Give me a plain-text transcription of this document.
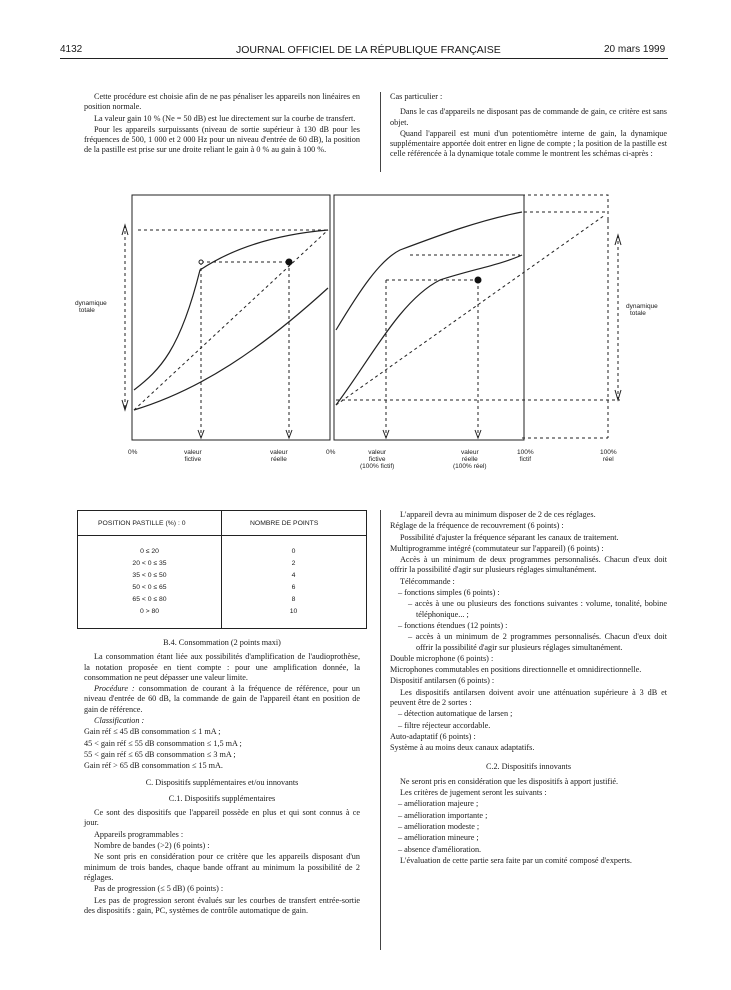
4132	JOURNAL OFFICIEL DE LA RÉPUBLIQUE FRANÇAISE	20 mars 1999

Cette procédure est choisie afin de ne pas pénaliser les appareils non linéaires en position normale.

La valeur gain 10 % (Ne = 50 dB) est lue directement sur la courbe de transfert.

Pour les appareils surpuissants (niveau de sortie supérieur à 130 dB pour les fréquences de 500, 1 000 et 2 000 Hz pour un niveau d'entrée de 60 dB), la position de la pastille est prise sur une droite reliant le gain à 0 % au gain à 100 %.

Cas particulier :

Dans le cas d'appareils ne disposant pas de commande de gain, ce critère est sans objet.

Quand l'appareil est muni d'un potentiomètre interne de gain, la dynamique supplémentaire apportée doit entrer en ligne de compte ; la position de la pastille est celle référencée à la dynamique totale comme le montrent les schémas ci-après :

dynamique
totale
dynamique
totale
0%	0%
valeur
fictive
valeur
réelle
valeur
fictive
(100% fictif)
valeur
réelle
(100% réel)
100%
fictif
100%
réel
POSITION PASTILLE (%) : 0	NOMBRE DE POINTS
0 ≤ 20	0
20 < 0 ≤ 35	2
35 < 0 ≤ 50	4
50 < 0 ≤ 65	6
65 < 0 ≤ 80	8
0 > 80	10

B.4. Consommation (2 points maxi)

La consommation étant liée aux possibilités d'amplification de l'audioprothèse, la notation proposée en tient compte : pour une amplification donnée, la consommation ne peut dépasser une valeur limite.

Procédure : consommation de courant à la fréquence de référence, pour un niveau d'entrée de 60 dB, la commande de gain de l'appareil étant en position de gain de référence.

Classification :

Gain réf ≤ 45 dB consommation ≤ 1 mA ;

45 < gain réf ≤ 55 dB consommation ≤ 1,5 mA ;

55 < gain réf ≤ 65 dB consommation ≤ 3 mA ;

Gain réf > 65 dB consommation ≤ 15 mA.

C. Dispositifs supplémentaires et/ou innovants

C.1. Dispositifs supplémentaires

Ce sont des dispositifs que l'appareil possède en plus et qui sont connus à ce jour.

Appareils programmables :

Nombre de bandes (>2) (6 points) :

Ne sont pris en considération pour ce critère que les appareils disposant d'un minimum de trois bandes, chaque bande offrant au minimum la possibilité de 2 réglages.

Pas de progression (≤ 5 dB) (6 points) :

Les pas de progression seront évalués sur les courbes de transfert entrée-sortie des dispositifs : gain, PC, systèmes de contrôle automatique de gain.

L'appareil devra au minimum disposer de 2 de ces réglages.

Réglage de la fréquence de recouvrement (6 points) :

Possibilité d'ajuster la fréquence séparant les canaux de traitement.

Multiprogramme intégré (commutateur sur l'appareil) (6 points) :

Accès à un minimum de deux programmes personnalisés. Chacun d'eux doit offrir la possibilité d'agir sur plusieurs réglages simultanément.

Télécommande :

– fonctions simples (6 points) :

– accès à une ou plusieurs des fonctions suivantes : volume, tonalité, bobine téléphonique... ;

– fonctions étendues (12 points) :

– accès à un minimum de 2 programmes personnalisés. Chacun d'eux doit offrir la possibilité d'agir sur plusieurs réglages simultanément.

Double microphone (6 points) :

Microphones commutables en positions directionnelle et omnidirectionnelle.

Dispositif antilarsen (6 points) :

Les dispositifs antilarsen doivent avoir une atténuation supérieure à 3 dB et peuvent être de 2 sortes :

– détection automatique de larsen ;

– filtre réjecteur accordable.

Auto-adaptatif (6 points) :

Système à au moins deux canaux adaptatifs.

C.2. Dispositifs innovants

Ne seront pris en considération que les dispositifs à apport justifié.

Les critères de jugement seront les suivants :

– amélioration majeure ;

– amélioration importante ;

– amélioration modeste ;

– amélioration mineure ;

– absence d'amélioration.

L'évaluation de cette partie sera faite par un comité composé d'experts.
